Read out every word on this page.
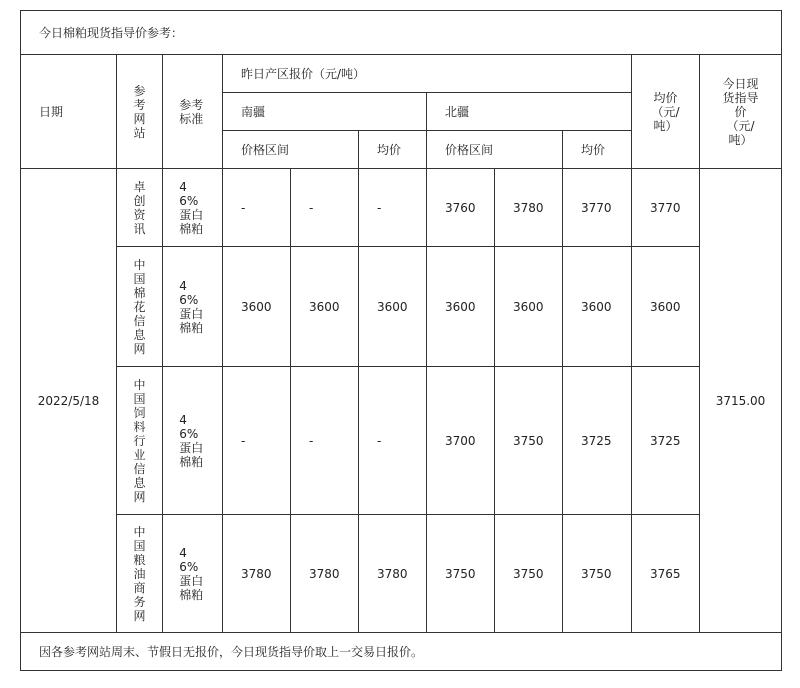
今日棉粕现货指导价参考：										
日期	参考网站	参考标准	昨日产区报价（元/吨）						均价（元/吨）	今日现货指导价（元/吨）
			南疆			北疆				
			价格区间		均价	价格区间		均价		
2022/5/18	卓创资讯	46%蛋白棉粕	-	-	-	3760	3780	3770	3770	3715.00
	中国棉花信息网	46%蛋白棉粕	3600	3600	3600	3600	3600	3600	3600	
	中国饲料行业信息网	46%蛋白棉粕	-	-	-	3700	3750	3725	3725	
	中国粮油商务网	46%蛋白棉粕	3780	3780	3780	3750	3750	3750	3765	
因各参考网站周末、节假日无报价，今日现货指导价取上一交易日报价。										
